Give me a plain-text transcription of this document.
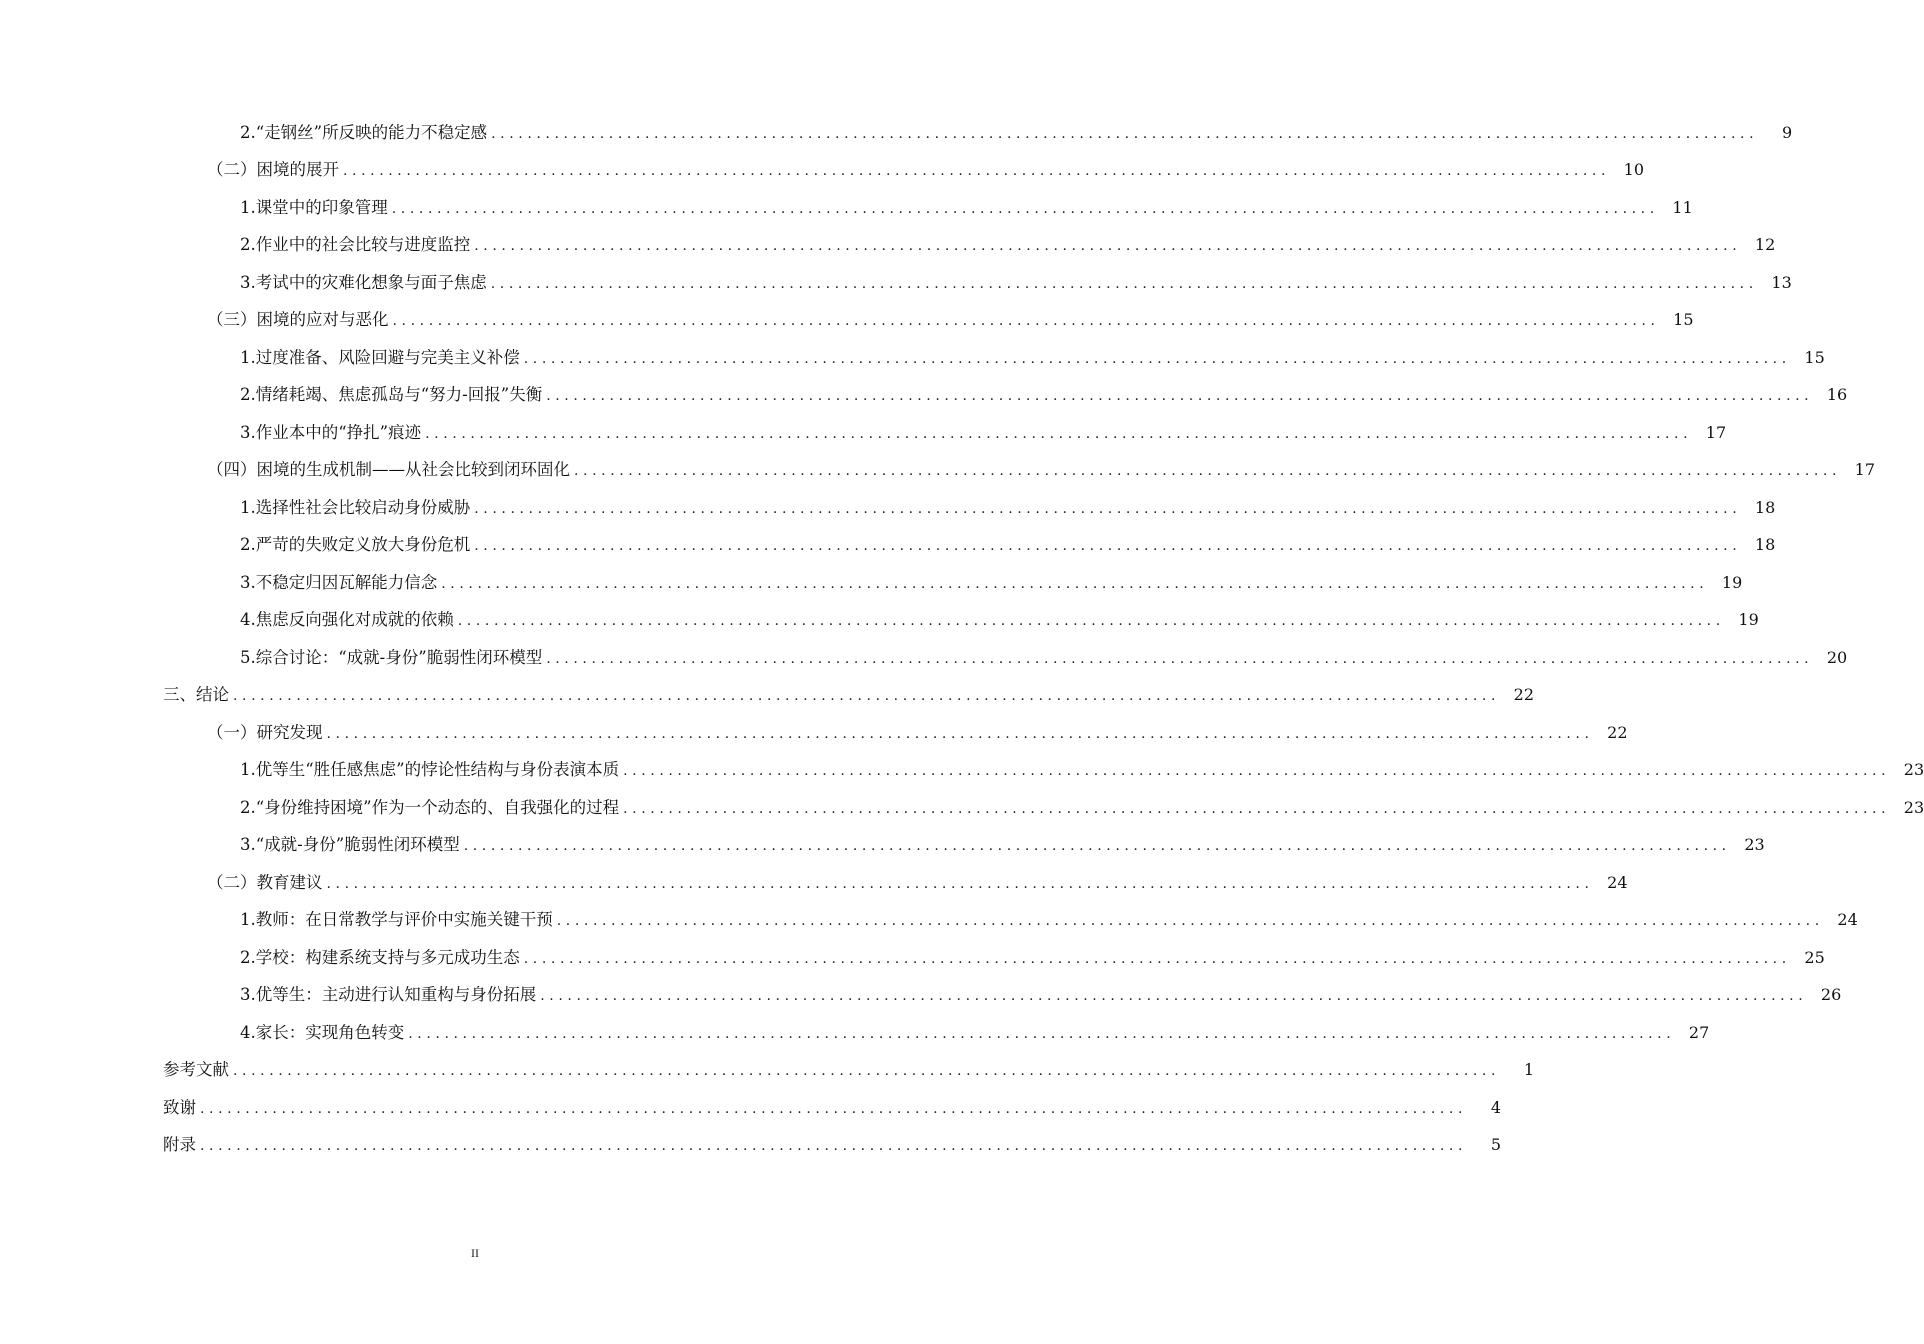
2.“走钢丝”所反映的能力不稳定感 ............................................................................................................................................	9
（二）困境的展开 ............................................................................................................................................ 10
1.课堂中的印象管理 ............................................................................................................................................ 11
2.作业中的社会比较与进度监控 ............................................................................................................................................ 12
3.考试中的灾难化想象与面子焦虑 ............................................................................................................................................ 13
（三）困境的应对与恶化 ............................................................................................................................................ 15
1.过度准备、风险回避与完美主义补偿 ............................................................................................................................................ 15
2.情绪耗竭、焦虑孤岛与“努力-回报”失衡 ............................................................................................................................................ 16
3.作业本中的“挣扎”痕迹 ............................................................................................................................................ 17
（四）困境的生成机制——从社会比较到闭环固化 ............................................................................................................................................ 17
1.选择性社会比较启动身份威胁 ............................................................................................................................................ 18
2.严苛的失败定义放大身份危机 ............................................................................................................................................ 18
3.不稳定归因瓦解能力信念 ............................................................................................................................................ 19
4.焦虑反向强化对成就的依赖 ............................................................................................................................................ 19
5.综合讨论：“成就-身份”脆弱性闭环模型 ............................................................................................................................................ 20
三、结论 ............................................................................................................................................ 22
（一）研究发现 ............................................................................................................................................ 22
1.优等生“胜任感焦虑”的悖论性结构与身份表演本质 ............................................................................................................................................ 23
2.“身份维持困境”作为一个动态的、自我强化的过程 ............................................................................................................................................ 23
3.“成就-身份”脆弱性闭环模型 ............................................................................................................................................ 23
（二）教育建议 ............................................................................................................................................ 24
1.教师：在日常教学与评价中实施关键干预 ............................................................................................................................................ 24
2.学校：构建系统支持与多元成功生态 ............................................................................................................................................ 25
3.优等生：主动进行认知重构与身份拓展 ............................................................................................................................................ 26
4.家长：实现角色转变 ............................................................................................................................................ 27
参考文献 ............................................................................................................................................	1
致谢 ............................................................................................................................................	4
附录 ............................................................................................................................................	5
II
